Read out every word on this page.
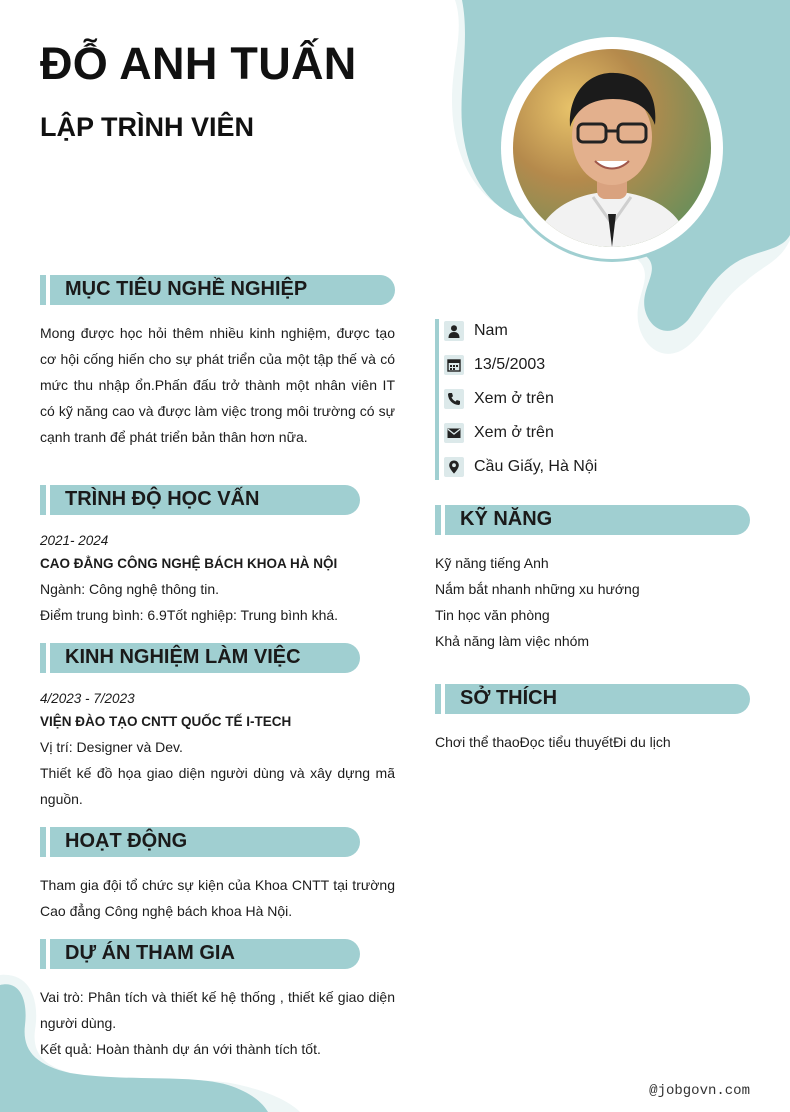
ĐỖ ANH TUẤN
LẬP TRÌNH VIÊN
MỤC TIÊU NGHỀ NGHIỆP

Mong được học hỏi thêm nhiều kinh nghiệm, được tạo cơ hội cống hiến cho sự phát triển của một tập thế và có mức thu nhập ổn.Phấn đấu trở thành một nhân viên IT có kỹ năng cao và được làm việc trong môi trường có sự cạnh tranh để phát triển bản thân hơn nữa.

TRÌNH ĐỘ HỌC VẤN
2021- 2024
CAO ĐẲNG CÔNG NGHỆ BÁCH KHOA HÀ NỘI
Ngành: Công nghệ thông tin.
Điểm trung bình: 6.9Tốt nghiệp: Trung bình khá.
KINH NGHIỆM LÀM VIỆC
4/2023 - 7/2023
VIỆN ĐÀO TẠO CNTT QUỐC TẾ I-TECH
Vị trí: Designer và Dev.

Thiết kế đồ họa giao diện người dùng và xây dựng mã nguồn.

HOẠT ĐỘNG

Tham gia đội tổ chức sự kiện của Khoa CNTT tại trường Cao đẳng Công nghệ bách khoa Hà Nội.

DỰ ÁN THAM GIA

Vai trò: Phân tích và thiết kế hệ thống , thiết kế giao diện người dùng.

Kết quả: Hoàn thành dự án với thành tích tốt.
Nam
13/5/2003
Xem ở trên
Xem ở trên
Cầu Giấy, Hà Nội
KỸ NĂNG
Kỹ năng tiếng Anh
Nắm bắt nhanh những xu hướng
Tin học văn phòng
Khả năng làm việc nhóm
SỞ THÍCH
Chơi thể thaoĐọc tiểu thuyếtĐi du lịch
@jobgovn.com
